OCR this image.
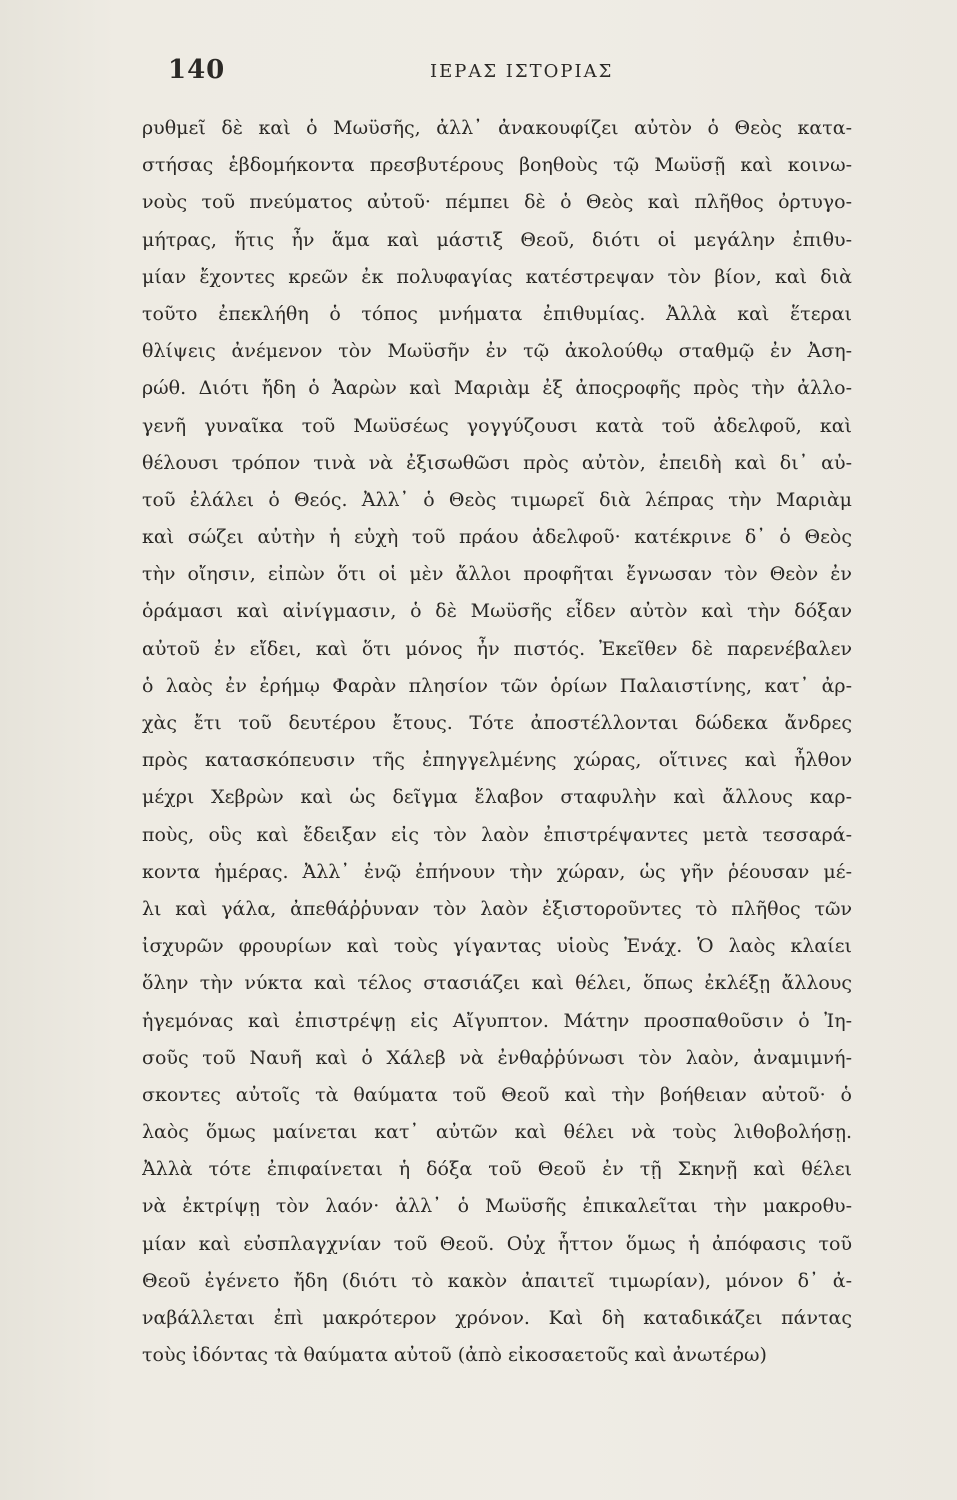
140	ΙΕΡΑΣ ΙΣΤΟΡΙΑΣ
ρυθμεῖ δὲ καὶ ὁ Μωϋσῆς, ἀλλ᾽ ἀνακουφίζει αὐτὸν ὁ Θεὸς κατα-
στήσας ἑβδομήκοντα πρεσβυτέρους βοηθοὺς τῷ Μωϋσῇ καὶ κοινω-
νοὺς τοῦ πνεύματος αὐτοῦ· πέμπει δὲ ὁ Θεὸς καὶ πλῆθος ὀρτυγο-
μήτρας, ἥτις ἦν ἅμα καὶ μάστιξ Θεοῦ, διότι οἱ μεγάλην ἐπιθυ-
μίαν ἔχοντες κρεῶν ἐκ πολυφαγίας κατέστρεψαν τὸν βίον, καὶ διὰ
τοῦτο ἐπεκλήθη ὁ τόπος μνήματα ἐπιθυμίας. Ἀλλὰ καὶ ἕτεραι
θλίψεις ἀνέμενον τὸν Μωϋσῆν ἐν τῷ ἀκολούθῳ σταθμῷ ἐν Ἀση-
ρώθ. Διότι ἤδη ὁ Ἀαρὼν καὶ Μαριὰμ ἐξ ἀποςροφῆς πρὸς τὴν ἀλλο-
γενῆ γυναῖκα τοῦ Μωϋσέως γογγύζουσι κατὰ τοῦ ἀδελφοῦ, καὶ
θέλουσι τρόπον τινὰ νὰ ἐξισωθῶσι πρὸς αὐτὸν, ἐπειδὴ καὶ δι᾽ αὐ-
τοῦ ἐλάλει ὁ Θεός. Ἀλλ᾽ ὁ Θεὸς τιμωρεῖ διὰ λέπρας τὴν Μαριὰμ
καὶ σώζει αὐτὴν ἡ εὐχὴ τοῦ πράου ἀδελφοῦ· κατέκρινε δ᾽ ὁ Θεὸς
τὴν οἴησιν, εἰπὼν ὅτι οἱ μὲν ἄλλοι προφῆται ἔγνωσαν τὸν Θεὸν ἐν
ὁράμασι καὶ αἰνίγμασιν, ὁ δὲ Μωϋσῆς εἶδεν αὐτὸν καὶ τὴν δόξαν
αὐτοῦ ἐν εἴδει, καὶ ὅτι μόνος ἦν πιστός. Ἐκεῖθεν δὲ παρενέβαλεν
ὁ λαὸς ἐν ἐρήμῳ Φαρὰν πλησίον τῶν ὁρίων Παλαιστίνης, κατ᾽ ἀρ-
χὰς ἔτι τοῦ δευτέρου ἔτους. Τότε ἀποστέλλονται δώδεκα ἄνδρες
πρὸς κατασκόπευσιν τῆς ἐπηγγελμένης χώρας, οἵτινες καὶ ἦλθον
μέχρι Χεβρὼν καὶ ὡς δεῖγμα ἔλαβον σταφυλὴν καὶ ἄλλους καρ-
ποὺς, οὓς καὶ ἔδειξαν εἰς τὸν λαὸν ἐπιστρέψαντες μετὰ τεσσαρά-
κοντα ἡμέρας. Ἀλλ᾽ ἐνῷ ἐπήνουν τὴν χώραν, ὡς γῆν ῥέουσαν μέ-
λι καὶ γάλα, ἀπεθάῤῥυναν τὸν λαὸν ἐξιστοροῦντες τὸ πλῆθος τῶν
ἰσχυρῶν φρουρίων καὶ τοὺς γίγαντας υἱοὺς Ἐνάχ. Ὁ λαὸς κλαίει
ὅλην τὴν νύκτα καὶ τέλος στασιάζει καὶ θέλει, ὅπως ἐκλέξῃ ἄλλους
ἡγεμόνας καὶ ἐπιστρέψῃ εἰς Αἴγυπτον. Μάτην προσπαθοῦσιν ὁ Ἰη-
σοῦς τοῦ Ναυῆ καὶ ὁ Χάλεβ νὰ ἐνθαῤῥύνωσι τὸν λαὸν, ἀναμιμνή-
σκοντες αὐτοῖς τὰ θαύματα τοῦ Θεοῦ καὶ τὴν βοήθειαν αὐτοῦ· ὁ
λαὸς ὅμως μαίνεται κατ᾽ αὐτῶν καὶ θέλει νὰ τοὺς λιθοβολήσῃ.
Ἀλλὰ τότε ἐπιφαίνεται ἡ δόξα τοῦ Θεοῦ ἐν τῇ Σκηνῇ καὶ θέλει
νὰ ἐκτρίψῃ τὸν λαόν· ἀλλ᾽ ὁ Μωϋσῆς ἐπικαλεῖται τὴν μακροθυ-
μίαν καὶ εὐσπλαγχνίαν τοῦ Θεοῦ. Οὐχ ἧττον ὅμως ἡ ἀπόφασις τοῦ
Θεοῦ ἐγένετο ἤδη (διότι τὸ κακὸν ἀπαιτεῖ τιμωρίαν), μόνον δ᾽ ἀ-
ναβάλλεται ἐπὶ μακρότερον χρόνον. Καὶ δὴ καταδικάζει πάντας
τοὺς ἰδόντας τὰ θαύματα αὐτοῦ (ἀπὸ εἰκοσαετοῦς καὶ ἀνωτέρω)
